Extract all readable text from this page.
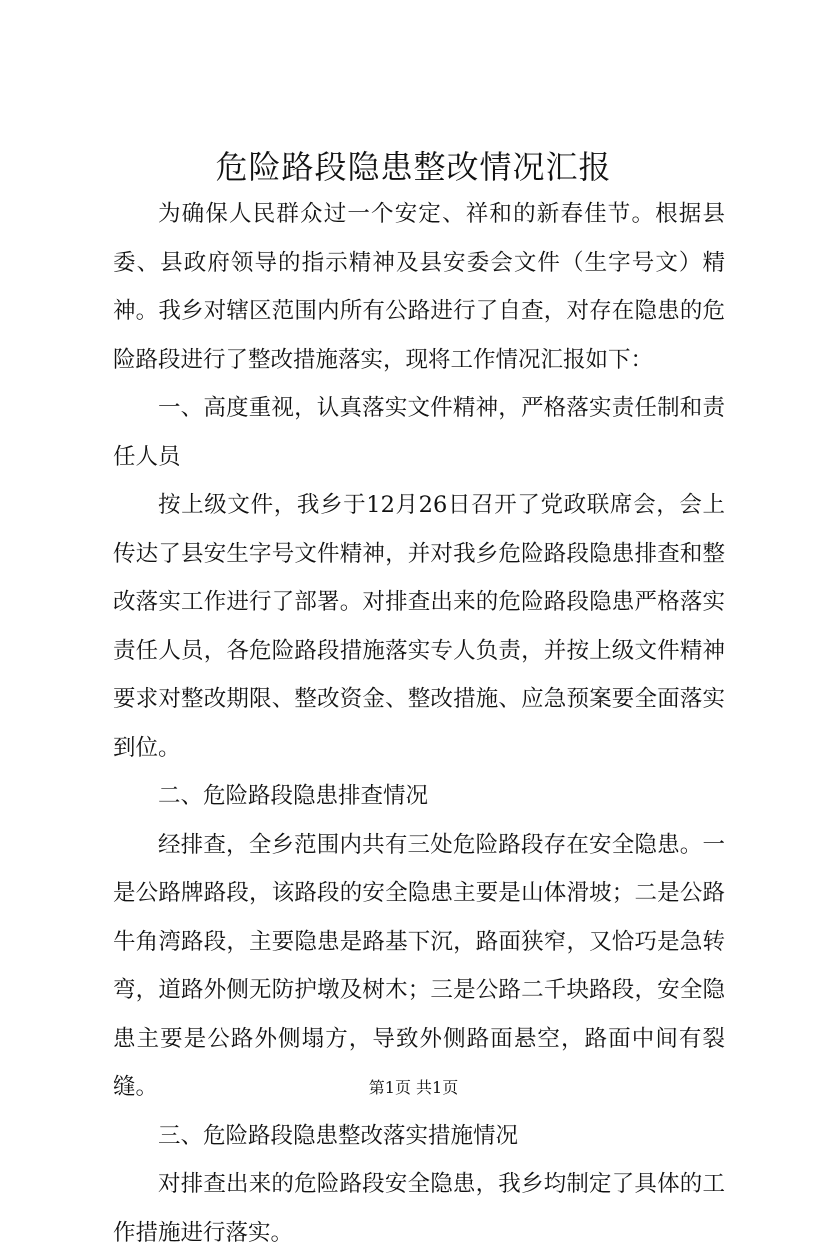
危险路段隐患整改情况汇报

为确保人民群众过一个安定、祥和的新春佳节。根据县委、县政府领导的指示精神及县安委会文件（生字号文）精神。我乡对辖区范围内所有公路进行了自查，对存在隐患的危险路段进行了整改措施落实，现将工作情况汇报如下：

一、高度重视，认真落实文件精神，严格落实责任制和责任人员

按上级文件，我乡于12月26日召开了党政联席会，会上传达了县安生字号文件精神，并对我乡危险路段隐患排查和整改落实工作进行了部署。对排查出来的危险路段隐患严格落实责任人员，各危险路段措施落实专人负责，并按上级文件精神要求对整改期限、整改资金、整改措施、应急预案要全面落实到位。

二、危险路段隐患排查情况

经排查，全乡范围内共有三处危险路段存在安全隐患。一是公路牌路段，该路段的安全隐患主要是山体滑坡；二是公路牛角湾路段，主要隐患是路基下沉，路面狭窄，又恰巧是急转弯，道路外侧无防护墩及树木；三是公路二千块路段，安全隐患主要是公路外侧塌方，导致外侧路面悬空，路面中间有裂缝。

三、危险路段隐患整改落实措施情况

对排查出来的危险路段安全隐患，我乡均制定了具体的工作措施进行落实。

第1页 共1页
